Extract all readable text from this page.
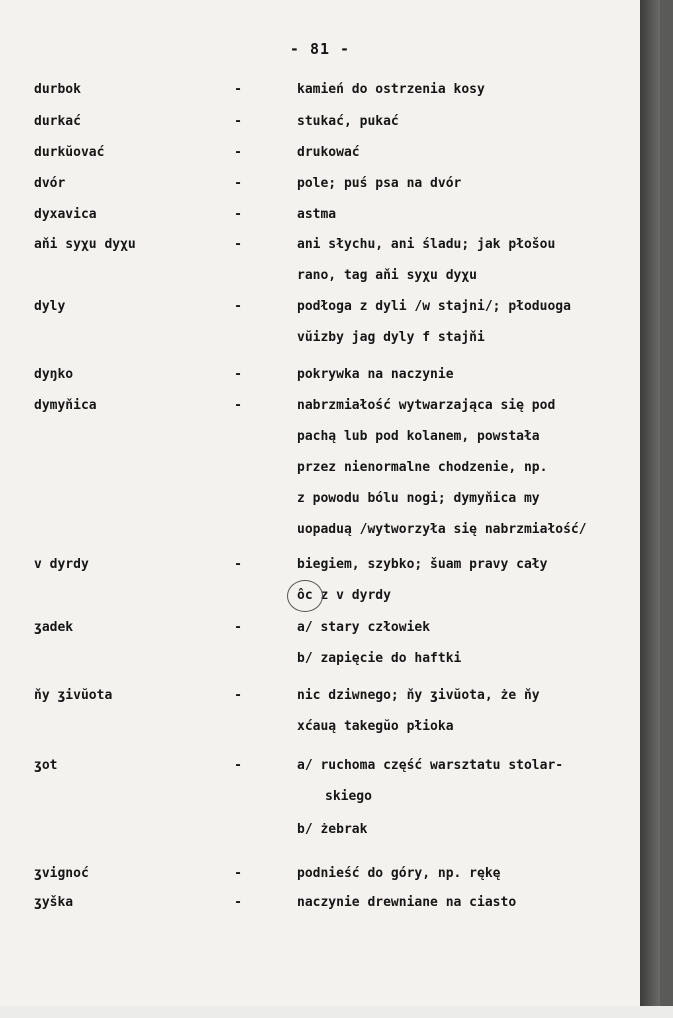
- 81 -
durbok	-	kamień do ostrzenia kosy
durkać	-	stukać, pukać
durkŭovać	-	drukować
dvór	-	pole; puś psa na dvór
dyxavica	-	astma
aňi syχu dyχu	-	ani słychu, ani śladu; jak płošou
rano, tag aňi syχu dyχu
dyly	-	podłoga z dyli /w stajni/; płoduoga
vŭizby jag dyly f stajňi
dyŋko	-	pokrywka na naczynie
dymyňica	-	nabrzmiałość wytwarzająca się pod
pachą lub pod kolanem, powstała
przez nienormalne chodzenie, np.
z powodu bólu nogi; dymyňica my
uopaduą /wytworzyła się nabrzmiałość/
v dyrdy	-	biegiem, szybko; šuam pravy cały
ôc z v dyrdy
ʒadek	-	a/ stary człowiek
b/ zapięcie do haftki
ňy ʒivŭota	-	nic dziwnego; ňy ʒivŭota, że ňy
xćauą takegŭo płioka
ʒot	-	a/ ruchoma część warsztatu stolar-
skiego
b/ żebrak
ʒvignoć	-	podnieść do góry, np. rękę
ʒyška	-	naczynie drewniane na ciasto
